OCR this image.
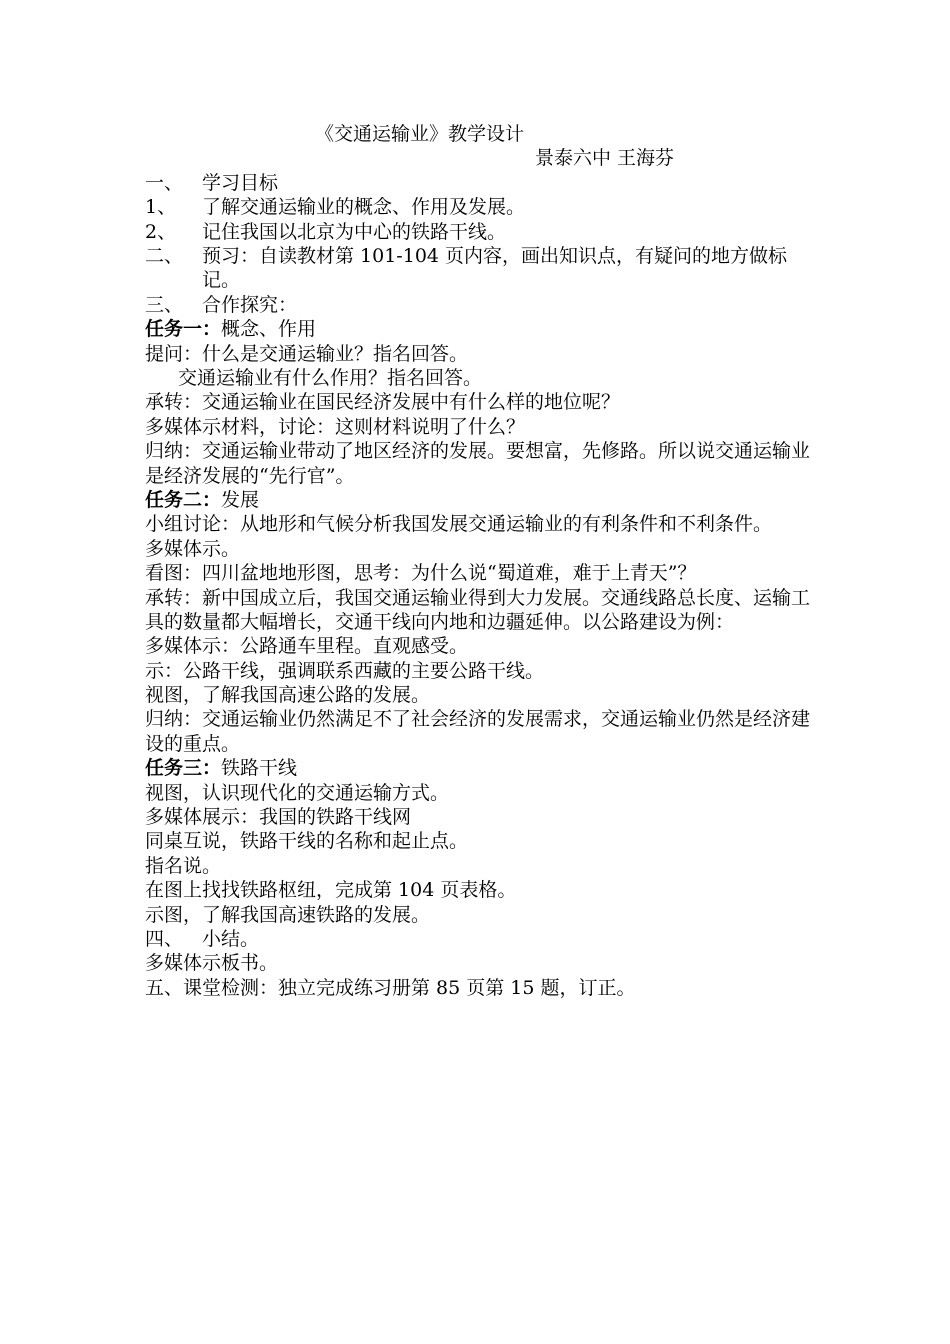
《交通运输业》教学设计
景泰六中 王海芬
一、 学习目标
1、 了解交通运输业的概念、作用及发展。
2、 记住我国以北京为中心的铁路干线。
二、 预习：自读教材第 101-104 页内容，画出知识点，有疑问的地方做标记。
三、 合作探究：
任务一：概念、作用
提问：什么是交通运输业？指名回答。
交通运输业有什么作用？指名回答。
承转：交通运输业在国民经济发展中有什么样的地位呢？
多媒体示材料，讨论：这则材料说明了什么？
归纳：交通运输业带动了地区经济的发展。要想富，先修路。所以说交通运输业是经济发展的“先行官”。
任务二：发展
小组讨论：从地形和气候分析我国发展交通运输业的有利条件和不利条件。
多媒体示。
看图：四川盆地地形图，思考：为什么说“蜀道难，难于上青天”？
承转：新中国成立后，我国交通运输业得到大力发展。交通线路总长度、运输工具的数量都大幅增长，交通干线向内地和边疆延伸。以公路建设为例：
多媒体示：公路通车里程。直观感受。
示：公路干线，强调联系西藏的主要公路干线。
视图，了解我国高速公路的发展。
归纳：交通运输业仍然满足不了社会经济的发展需求，交通运输业仍然是经济建设的重点。
任务三：铁路干线
视图，认识现代化的交通运输方式。
多媒体展示：我国的铁路干线网
同桌互说，铁路干线的名称和起止点。
指名说。
在图上找找铁路枢纽，完成第 104 页表格。
示图，了解我国高速铁路的发展。
四、 小结。
多媒体示板书。
五、课堂检测：独立完成练习册第 85 页第 15 题，订正。
